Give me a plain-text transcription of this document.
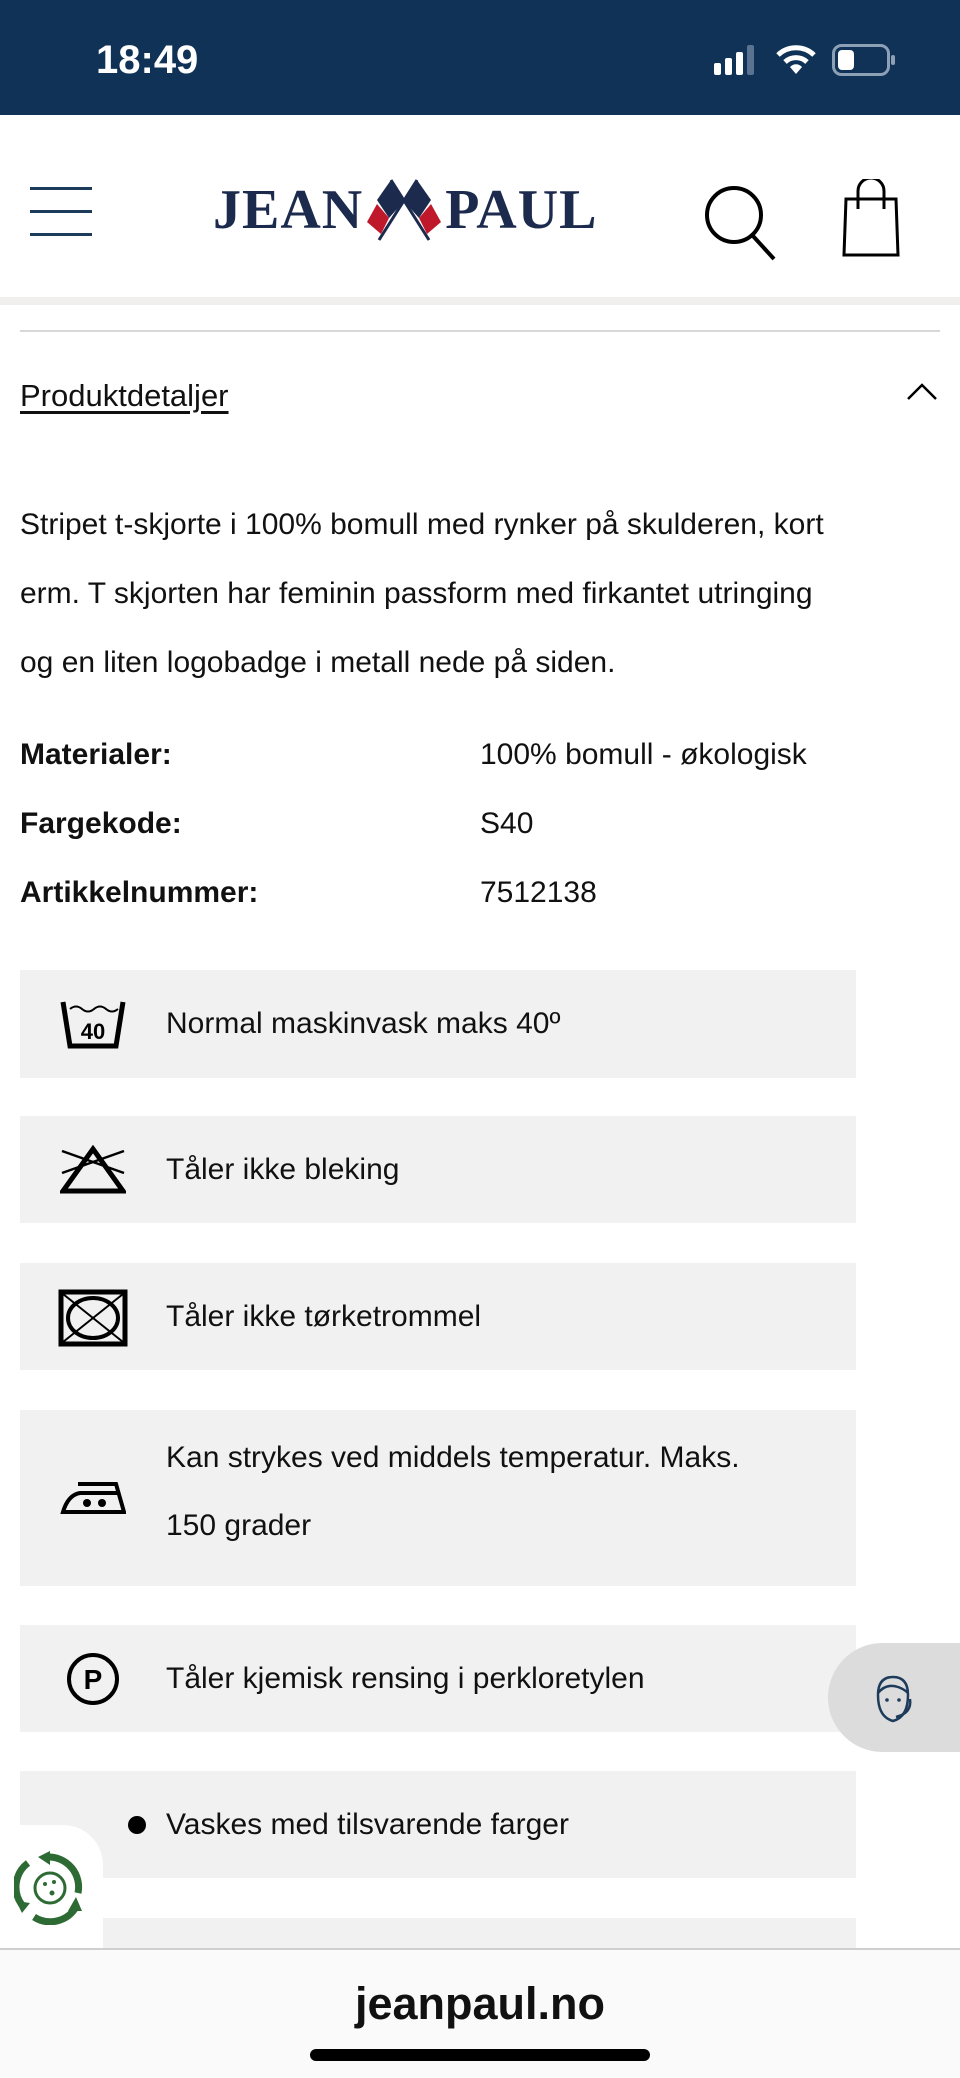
18:49
JEAN PAUL
Produktdetaljer
Stripet t-skjorte i 100% bomull med rynker på skulderen, kort
erm. T skjorten har feminin passform med firkantet utringing
og en liten logobadge i metall nede på siden.
Materialer:	100% bomull - økologisk
Fargekode:	S40
Artikkelnummer:	7512138
40 Normal maskinvask maks 40º
Tåler ikke bleking
Tåler ikke tørketrommel
Kan strykes ved middels temperatur. Maks.
150 grader
P Tåler kjemisk rensing i perkloretylen
Vaskes med tilsvarende farger
jeanpaul.no
